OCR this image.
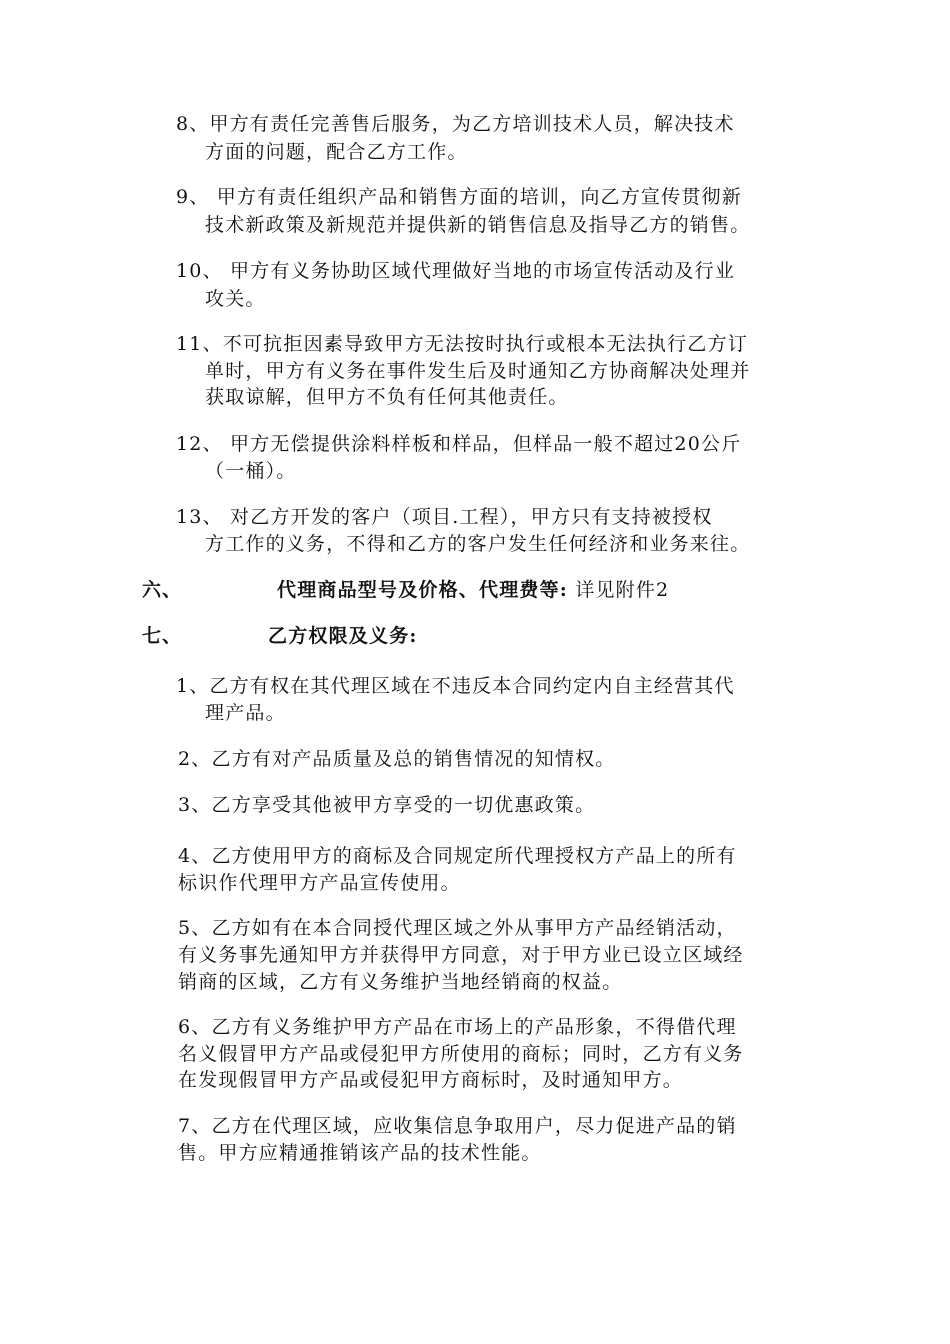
8、甲方有责任完善售后服务，为乙方培训技术人员，解决技术
方面的问题，配合乙方工作。
9、 甲方有责任组织产品和销售方面的培训，向乙方宣传贯彻新
技术新政策及新规范并提供新的销售信息及指导乙方的销售。
10、 甲方有义务协助区域代理做好当地的市场宣传活动及行业
攻关。
11、不可抗拒因素导致甲方无法按时执行或根本无法执行乙方订
单时，甲方有义务在事件发生后及时通知乙方协商解决处理并
获取谅解，但甲方不负有任何其他责任。
12、 甲方无偿提供涂料样板和样品，但样品一般不超过20公斤
（一桶）。
13、 对乙方开发的客户（项目.工程），甲方只有支持被授权
方工作的义务，不得和乙方的客户发生任何经济和业务来往。
六、	代理商品型号及价格、代理费等: 详见附件2
七、	乙方权限及义务:
1、乙方有权在其代理区域在不违反本合同约定内自主经营其代
理产品。
2、乙方有对产品质量及总的销售情况的知情权。
3、乙方享受其他被甲方享受的一切优惠政策。
4、乙方使用甲方的商标及合同规定所代理授权方产品上的所有
标识作代理甲方产品宣传使用。
5、乙方如有在本合同授代理区域之外从事甲方产品经销活动，
有义务事先通知甲方并获得甲方同意，对于甲方业已设立区域经
销商的区域，乙方有义务维护当地经销商的权益。
6、乙方有义务维护甲方产品在市场上的产品形象，不得借代理
名义假冒甲方产品或侵犯甲方所使用的商标；同时，乙方有义务
在发现假冒甲方产品或侵犯甲方商标时，及时通知甲方。
7、乙方在代理区域，应收集信息争取用户，尽力促进产品的销
售。甲方应精通推销该产品的技术性能。
